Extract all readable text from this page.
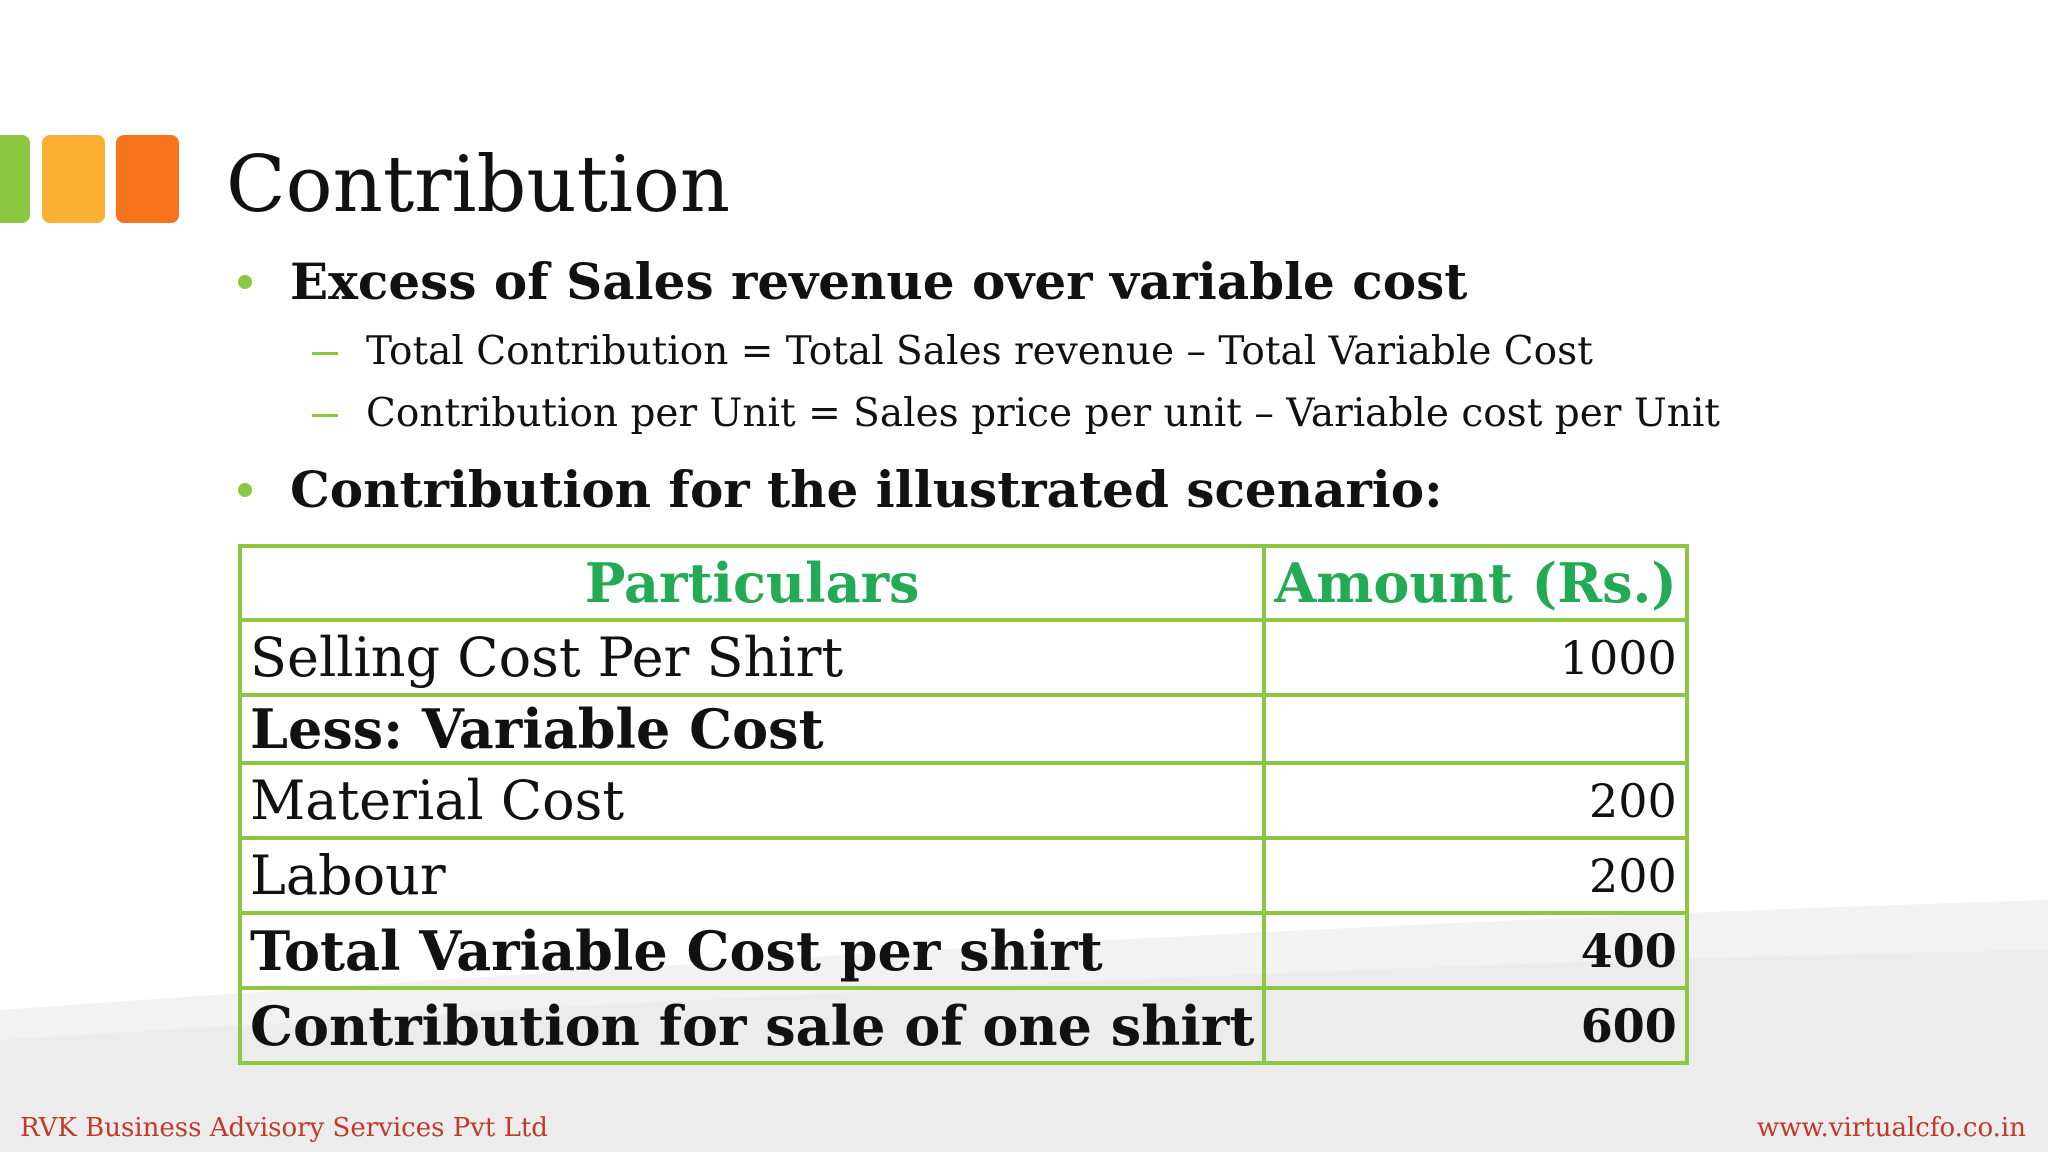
Contribution
Excess of Sales revenue over variable cost
Total Contribution = Total Sales revenue – Total Variable Cost
Contribution per Unit = Sales price per unit – Variable cost per Unit
Contribution for the illustrated scenario:
Particulars	Amount (Rs.)
Selling Cost Per Shirt	1000
Less: Variable Cost	
Material Cost	200
Labour	200
Total Variable Cost per shirt	400
Contribution for sale of one shirt	600
RVK Business Advisory Services Pvt Ltd	www.virtualcfo.co.in
